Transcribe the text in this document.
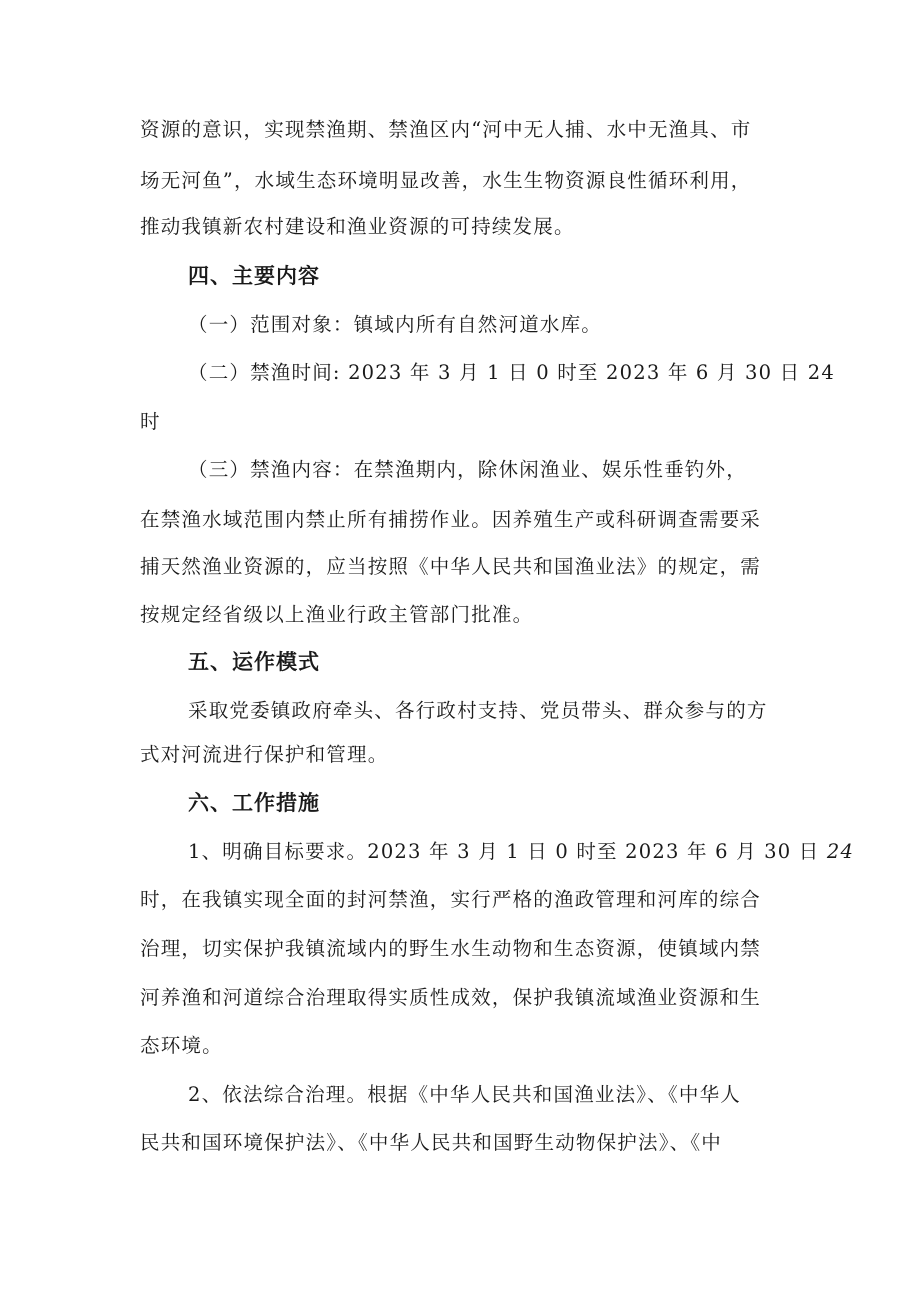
资源的意识，实现禁渔期、禁渔区内“河中无人捕、水中无渔具、市

场无河鱼”，水域生态环境明显改善，水生生物资源良性循环利用，

推动我镇新农村建设和渔业资源的可持续发展。

四、主要内容

（一）范围对象：镇域内所有自然河道水库。

（二）禁渔时间: 2023 年 3 月 1 日 0 时至 2023 年 6 月 30 日 24

时

（三）禁渔内容：在禁渔期内，除休闲渔业、娱乐性垂钓外，

在禁渔水域范围内禁止所有捕捞作业。因养殖生产或科研调查需要采

捕天然渔业资源的，应当按照《中华人民共和国渔业法》的规定，需

按规定经省级以上渔业行政主管部门批准。

五、运作模式

采取党委镇政府牵头、各行政村支持、党员带头、群众参与的方

式对河流进行保护和管理。

六、工作措施

1、明确目标要求。2023 年 3 月 1 日 0 时至 2023 年 6 月 30 日 24

时，在我镇实现全面的封河禁渔，实行严格的渔政管理和河库的综合

治理，切实保护我镇流域内的野生水生动物和生态资源，使镇域内禁

河养渔和河道综合治理取得实质性成效，保护我镇流域渔业资源和生

态环境。

2、依法综合治理。根据《中华人民共和国渔业法》、《中华人

民共和国环境保护法》、《中华人民共和国野生动物保护法》、《中
